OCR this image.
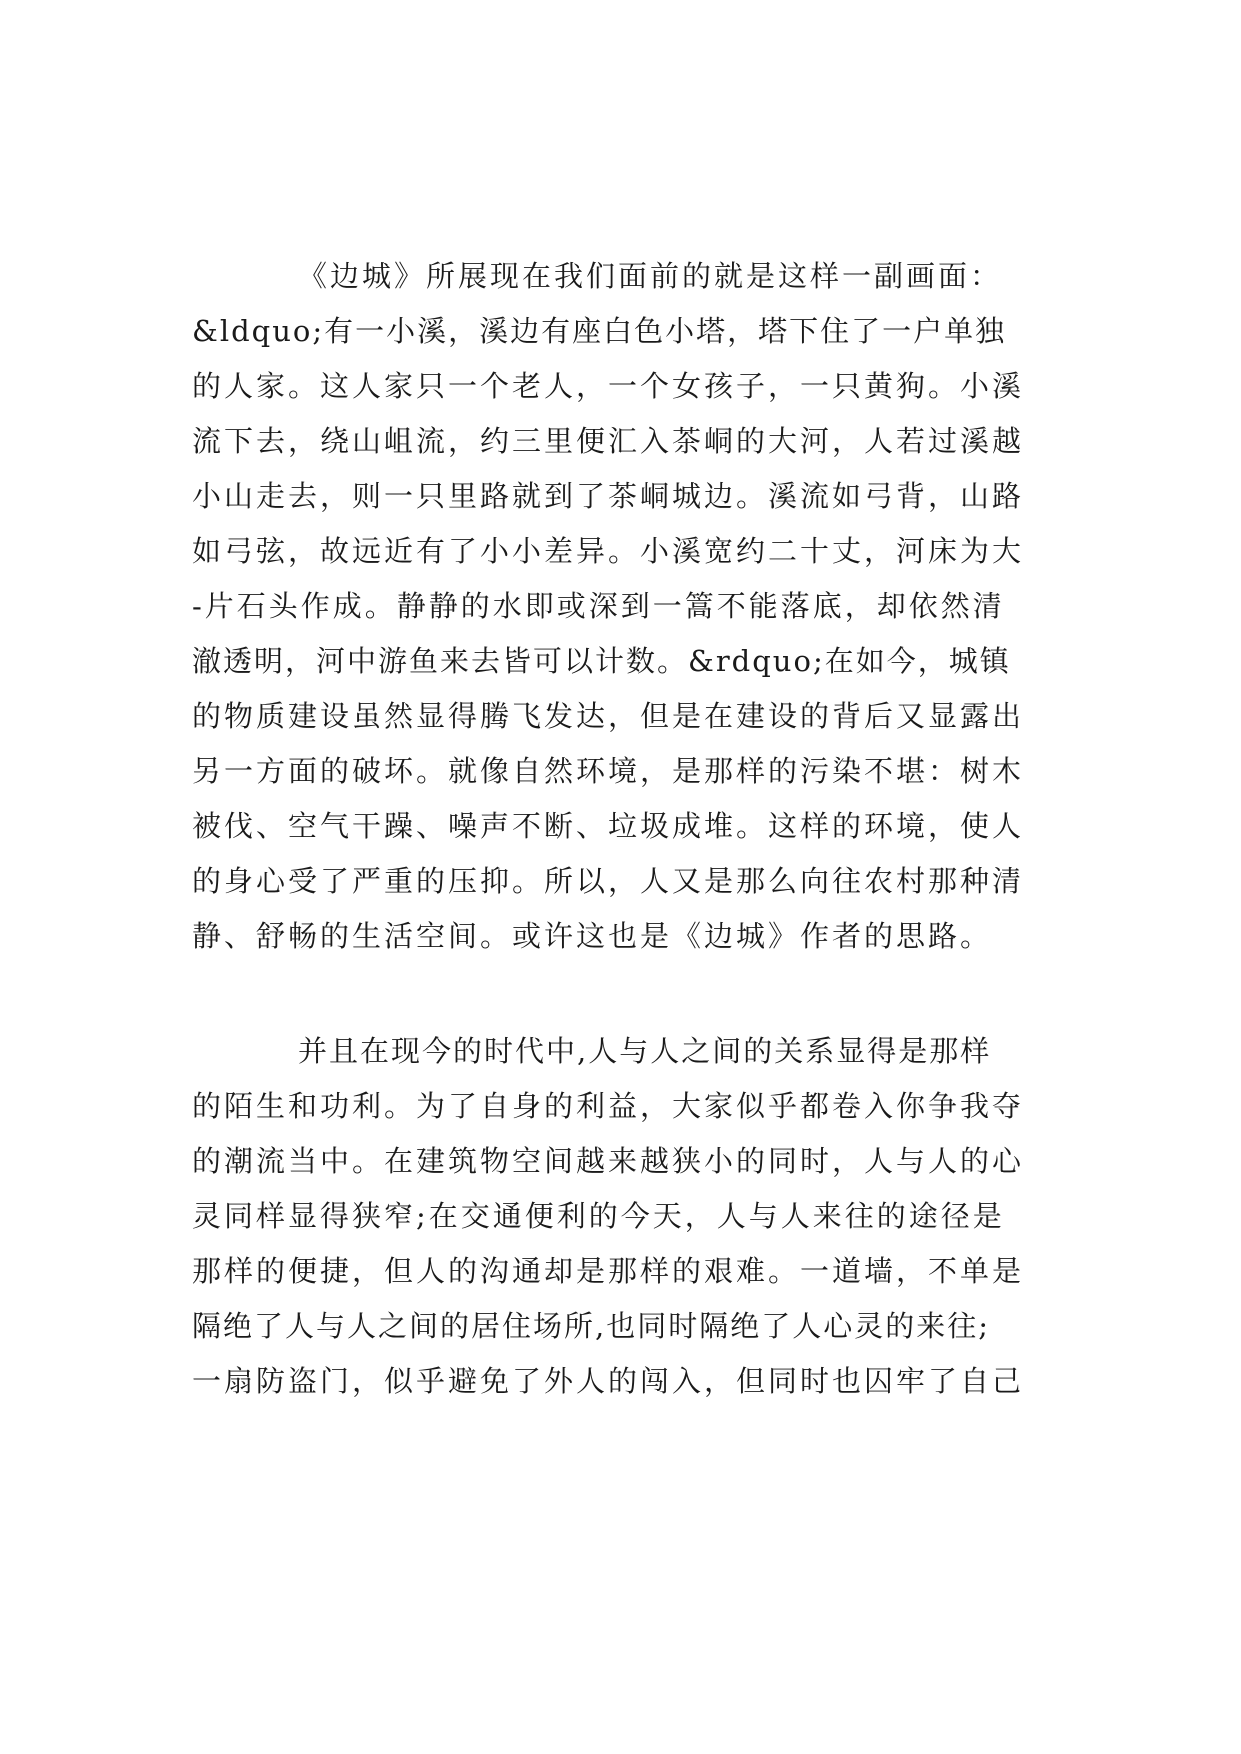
《边城》所展现在我们面前的就是这样一副画面：
&ldquo;有一小溪，溪边有座白色小塔，塔下住了一户单独
的人家。这人家只一个老人，一个女孩子，一只黄狗。小溪
流下去，绕山岨流，约三里便汇入茶峒的大河，人若过溪越
小山走去，则一只里路就到了茶峒城边。溪流如弓背，山路
如弓弦，故远近有了小小差异。小溪宽约二十丈，河床为大
-片石头作成。静静的水即或深到一篙不能落底，却依然清
澈透明，河中游鱼来去皆可以计数。&rdquo;在如今，城镇
的物质建设虽然显得腾飞发达，但是在建设的背后又显露出
另一方面的破坏。就像自然环境，是那样的污染不堪：树木
被伐、空气干躁、噪声不断、垃圾成堆。这样的环境，使人
的身心受了严重的压抑。所以，人又是那么向往农村那种清
静、舒畅的生活空间。或许这也是《边城》作者的思路。
并且在现今的时代中,人与人之间的关系显得是那样
的陌生和功利。为了自身的利益，大家似乎都卷入你争我夺
的潮流当中。在建筑物空间越来越狭小的同时，人与人的心
灵同样显得狭窄;在交通便利的今天，人与人来往的途径是
那样的便捷，但人的沟通却是那样的艰难。一道墙，不单是
隔绝了人与人之间的居住场所,也同时隔绝了人心灵的来往;
一扇防盗门，似乎避免了外人的闯入，但同时也囚牢了自己
